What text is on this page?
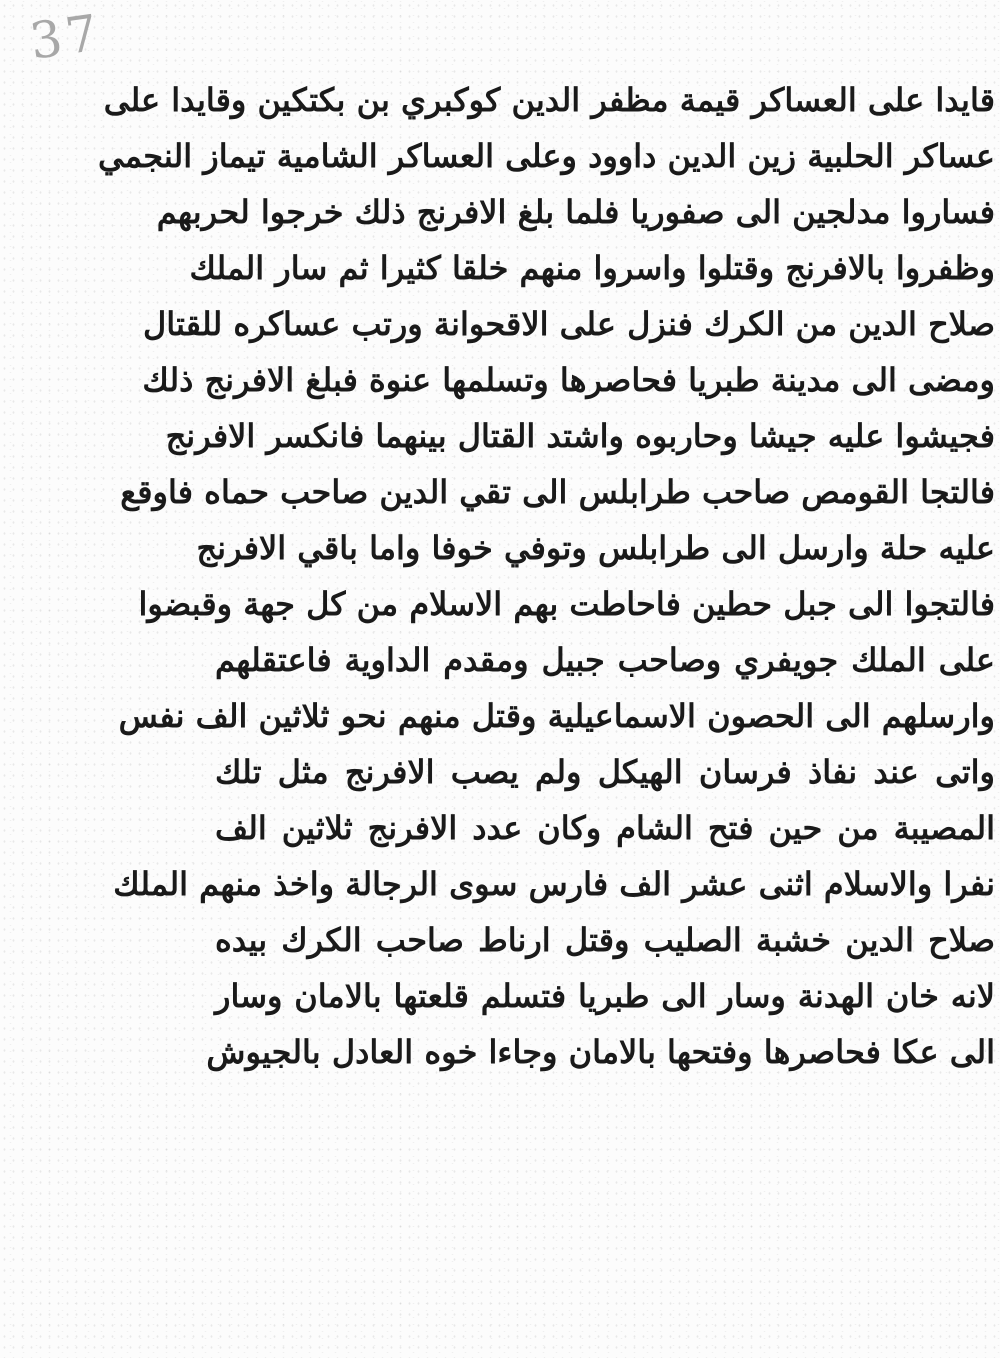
37
قايدا على العساكر قيمة مظفر الدين كوكبري بن بكتكين وقايدا على
عساكر الحلبية زين الدين داوود وعلى العساكر الشامية تيماز النجمي
فساروا مدلجين الى صفوريا فلما بلغ الافرنج ذلك خرجوا لحربهم
وظفروا بالافرنج وقتلوا واسروا منهم خلقا كثيرا ثم سار الملك
صلاح الدين من الكرك فنزل على الاقحوانة ورتب عساكره للقتال
ومضى الى مدينة طبريا فحاصرها وتسلمها عنوة فبلغ الافرنج ذلك
فجيشوا عليه جيشا وحاربوه واشتد القتال بينهما فانكسر الافرنج
فالتجا القومص صاحب طرابلس الى تقي الدين صاحب حماه فاوقع
عليه حلة وارسل الى طرابلس وتوفي خوفا واما باقي الافرنج
فالتجوا الى جبل حطين فاحاطت بهم الاسلام من كل جهة وقبضوا
على الملك جويفري وصاحب جبيل ومقدم الداوية فاعتقلهم
وارسلهم الى الحصون الاسماعيلية وقتل منهم نحو ثلاثين الف نفس
واتى عند نفاذ فرسان الهيكل ولم يصب الافرنج مثل تلك
المصيبة من حين فتح الشام وكان عدد الافرنج ثلاثين الف
نفرا والاسلام اثنى عشر الف فارس سوى الرجالة واخذ منهم الملك
صلاح الدين خشبة الصليب وقتل ارناط صاحب الكرك بيده
لانه خان الهدنة وسار الى طبريا فتسلم قلعتها بالامان وسار
الى عكا فحاصرها وفتحها بالامان وجاءا خوه العادل بالجيوش
